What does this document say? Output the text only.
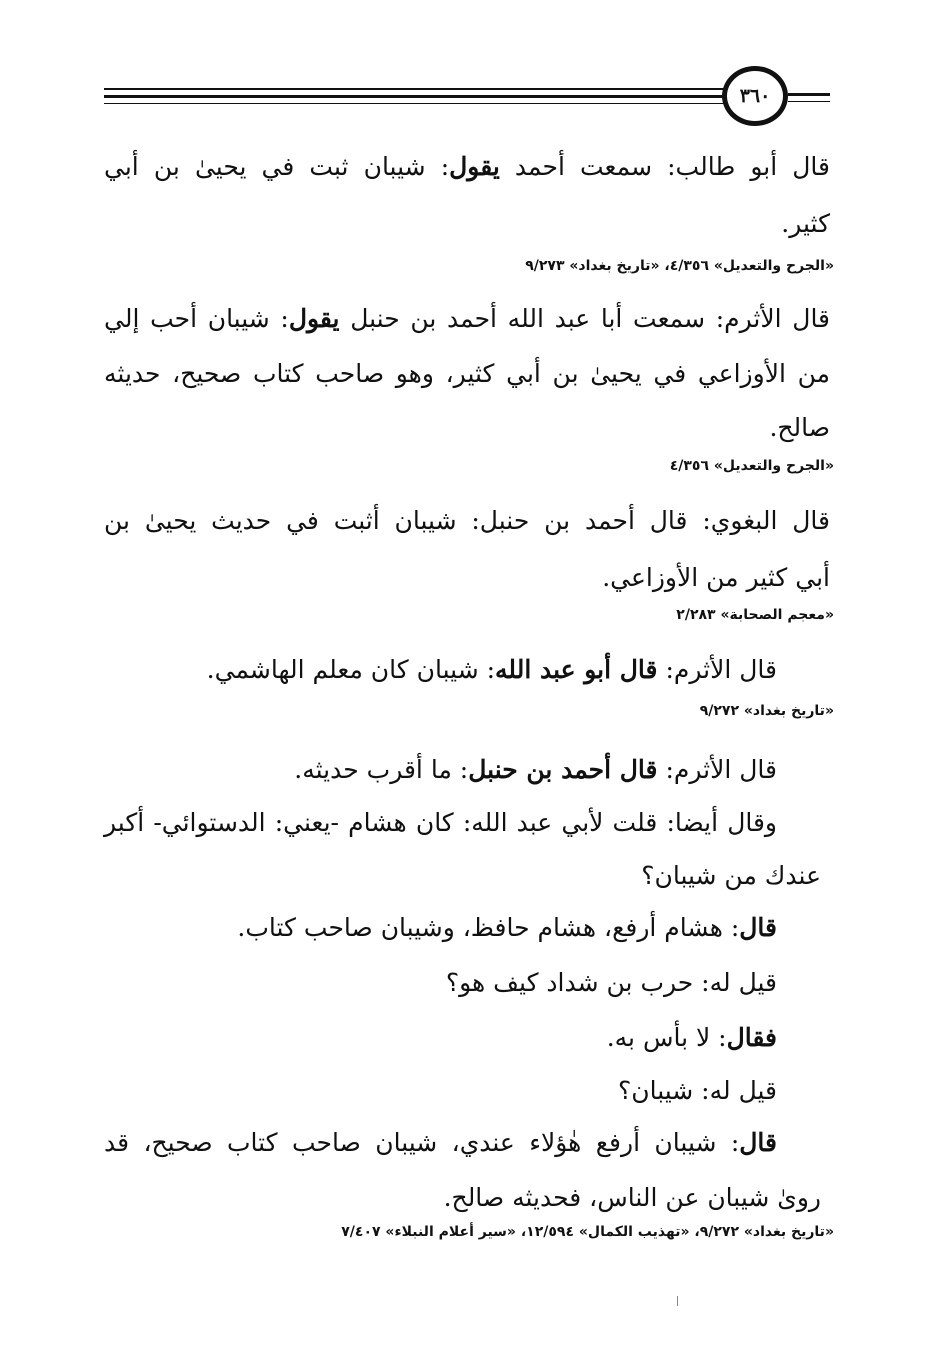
٣٦٠
قال أبو طالب: سمعت أحمد يقول: شيبان ثبت في يحيىٰ بن أبي
كثير.
«الجرح والتعديل» ٤/٣٥٦، «تاريخ بغداد» ٩/٢٧٣
قال الأثرم: سمعت أبا عبد الله أحمد بن حنبل يقول: شيبان أحب إلي
من الأوزاعي في يحيىٰ بن أبي كثير، وهو صاحب كتاب صحيح، حديثه
صالح.
«الجرح والتعديل» ٤/٣٥٦
قال البغوي: قال أحمد بن حنبل: شيبان أثبت في حديث يحيىٰ بن
أبي كثير من الأوزاعي.
«معجم الصحابة» ٢/٢٨٣
قال الأثرم: قال أبو عبد الله: شيبان كان معلم الهاشمي.
«تاريخ بغداد» ٩/٢٧٢
قال الأثرم: قال أحمد بن حنبل: ما أقرب حديثه.
وقال أيضا: قلت لأبي عبد الله: كان هشام -يعني: الدستوائي- أكبر
عندك من شيبان؟
قال: هشام أرفع، هشام حافظ، وشيبان صاحب كتاب.
قيل له: حرب بن شداد كيف هو؟
فقال: لا بأس به.
قيل له: شيبان؟
قال: شيبان أرفع هٰؤلاء عندي، شيبان صاحب كتاب صحيح، قد
روىٰ شيبان عن الناس، فحديثه صالح.
«تاريخ بغداد» ٩/٢٧٢، «تهذيب الكمال» ١٢/٥٩٤، «سير أعلام النبلاء» ٧/٤٠٧
